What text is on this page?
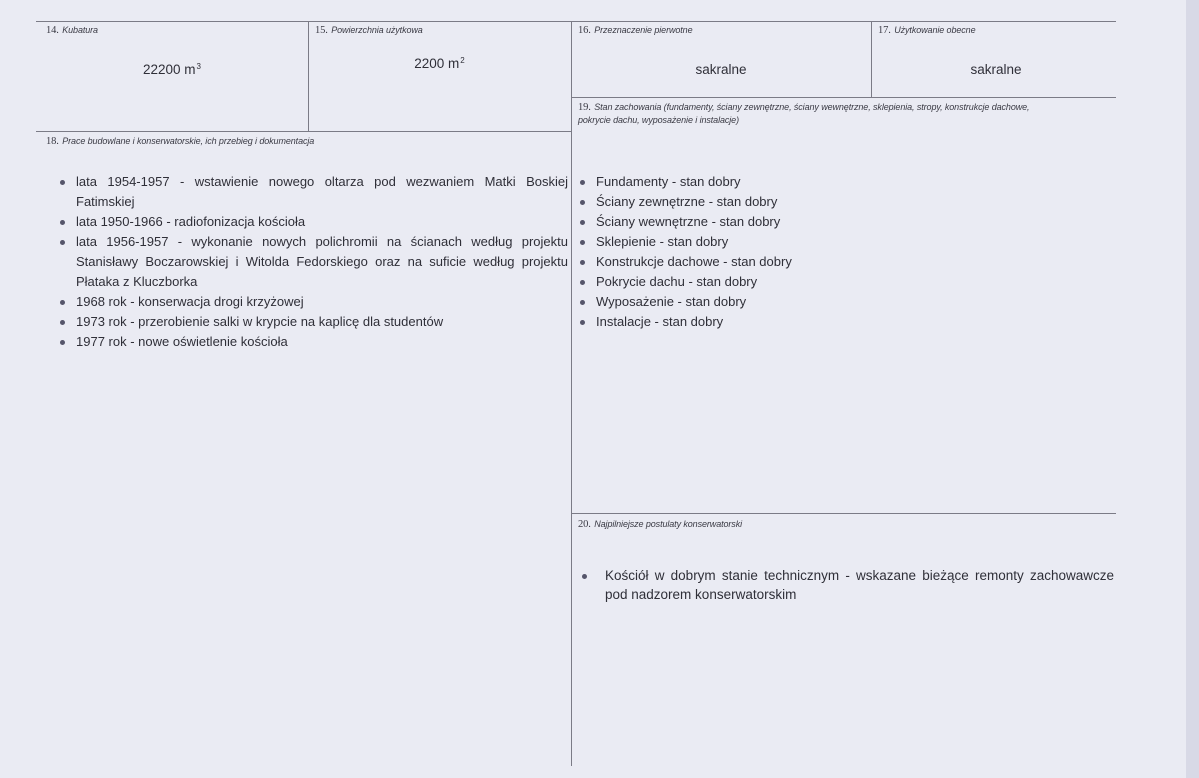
14. Kubatura
22200 $m^3$
15. Powierzchnia użytkowa
2200 $m^2$
16. Przeznaczenie pierwotne
sakralne
17. Użytkowanie obecne
sakralne
18. Prace budowlane i konserwatorskie, ich przebieg i dokumentacja
lata 1954-1957 - wstawienie nowego oltarza pod wezwaniem Matki Boskiej Fatimskiej
lata 1950-1966 - radiofonizacja kościoła
lata 1956-1957 - wykonanie nowych polichromii na ścianach według projektu Stanisławy Boczarowskiej i Witolda Fedorskiego oraz na suficie według projektu Płataka z Kluczborka
1968 rok - konserwacja drogi krzyżowej
1973 rok - przerobienie salki w krypcie na kaplicę dla studentów
1977 rok - nowe oświetlenie kościoła
19. Stan zachowania (fundamenty, ściany zewnętrzne, ściany wewnętrzne, sklepienia, stropy, konstrukcje dachowe, pokrycie dachu, wyposażenie i instalacje)
Fundamenty - stan dobry
Ściany zewnętrzne - stan dobry
Ściany wewnętrzne - stan dobry
Sklepienie - stan dobry
Konstrukcje dachowe - stan dobry
Pokrycie dachu - stan dobry
Wyposażenie - stan dobry
Instalacje - stan dobry
20. Najpilniejsze postulaty konserwatorski
Kościół w dobrym stanie technicznym - wskazane bieżące remonty zachowawcze pod nadzorem konserwatorskim
